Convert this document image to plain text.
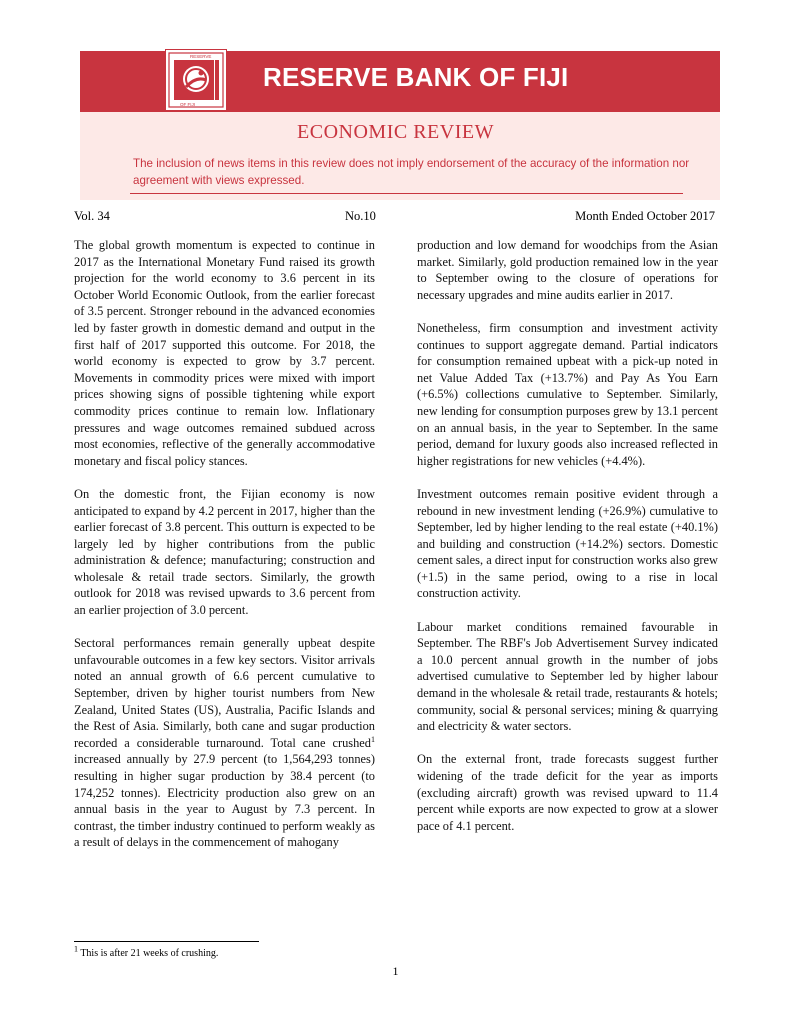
RESERVE
OF FIJI
RESERVE BANK OF FIJI
ECONOMIC REVIEW
The inclusion of news items in this review does not imply endorsement of the accuracy of the information nor agreement with views expressed.
Vol. 34	No.10	Month Ended October 2017

The global growth momentum is expected to continue in 2017 as the International Monetary Fund raised its growth projection for the world economy to 3.6 percent in its October World Economic Outlook, from the earlier forecast of 3.5 percent. Stronger rebound in the advanced economies led by faster growth in domestic demand and output in the first half of 2017 supported this outcome. For 2018, the world economy is expected to grow by 3.7 percent. Movements in commodity prices were mixed with import prices showing signs of possible tightening while export commodity prices continue to remain low. Inflationary pressures and wage outcomes remained subdued across most economies, reflective of the generally accommodative monetary and fiscal policy stances.

On the domestic front, the Fijian economy is now anticipated to expand by 4.2 percent in 2017, higher than the earlier forecast of 3.8 percent. This outturn is expected to be largely led by higher contributions from the public administration & defence; manufacturing; construction and wholesale & retail trade sectors. Similarly, the growth outlook for 2018 was revised upwards to 3.6 percent from an earlier projection of 3.0 percent.

Sectoral performances remain generally upbeat despite unfavourable outcomes in a few key sectors. Visitor arrivals noted an annual growth of 6.6 percent cumulative to September, driven by higher tourist numbers from New Zealand, United States (US), Australia, Pacific Islands and the Rest of Asia. Similarly, both cane and sugar production recorded a considerable turnaround. Total cane crushed$^1$ increased annually by 27.9 percent (to 1,564,293 tonnes) resulting in higher sugar production by 38.4 percent (to 174,252 tonnes). Electricity production also grew on an annual basis in the year to August by 7.3 percent. In contrast, the timber industry continued to perform weakly as a result of delays in the commencement of mahogany

production and low demand for woodchips from the Asian market. Similarly, gold production remained low in the year to September owing to the closure of operations for necessary upgrades and mine audits earlier in 2017.

Nonetheless, firm consumption and investment activity continues to support aggregate demand. Partial indicators for consumption remained upbeat with a pick-up noted in net Value Added Tax (+13.7%) and Pay As You Earn (+6.5%) collections cumulative to September. Similarly, new lending for consumption purposes grew by 13.1 percent on an annual basis, in the year to September. In the same period, demand for luxury goods also increased reflected in higher registrations for new vehicles (+4.4%).

Investment outcomes remain positive evident through a rebound in new investment lending (+26.9%) cumulative to September, led by higher lending to the real estate (+40.1%) and building and construction (+14.2%) sectors. Domestic cement sales, a direct input for construction works also grew (+1.5) in the same period, owing to a rise in local construction activity.

Labour market conditions remained favourable in September. The RBF's Job Advertisement Survey indicated a 10.0 percent annual growth in the number of jobs advertised cumulative to September led by higher labour demand in the wholesale & retail trade, restaurants & hotels; community, social & personal services; mining & quarrying and electricity & water sectors.

On the external front, trade forecasts suggest further widening of the trade deficit for the year as imports (excluding aircraft) growth was revised upward to 11.4 percent while exports are now expected to grow at a slower pace of 4.1 percent.

$^1$ This is after 21 weeks of crushing.
1
